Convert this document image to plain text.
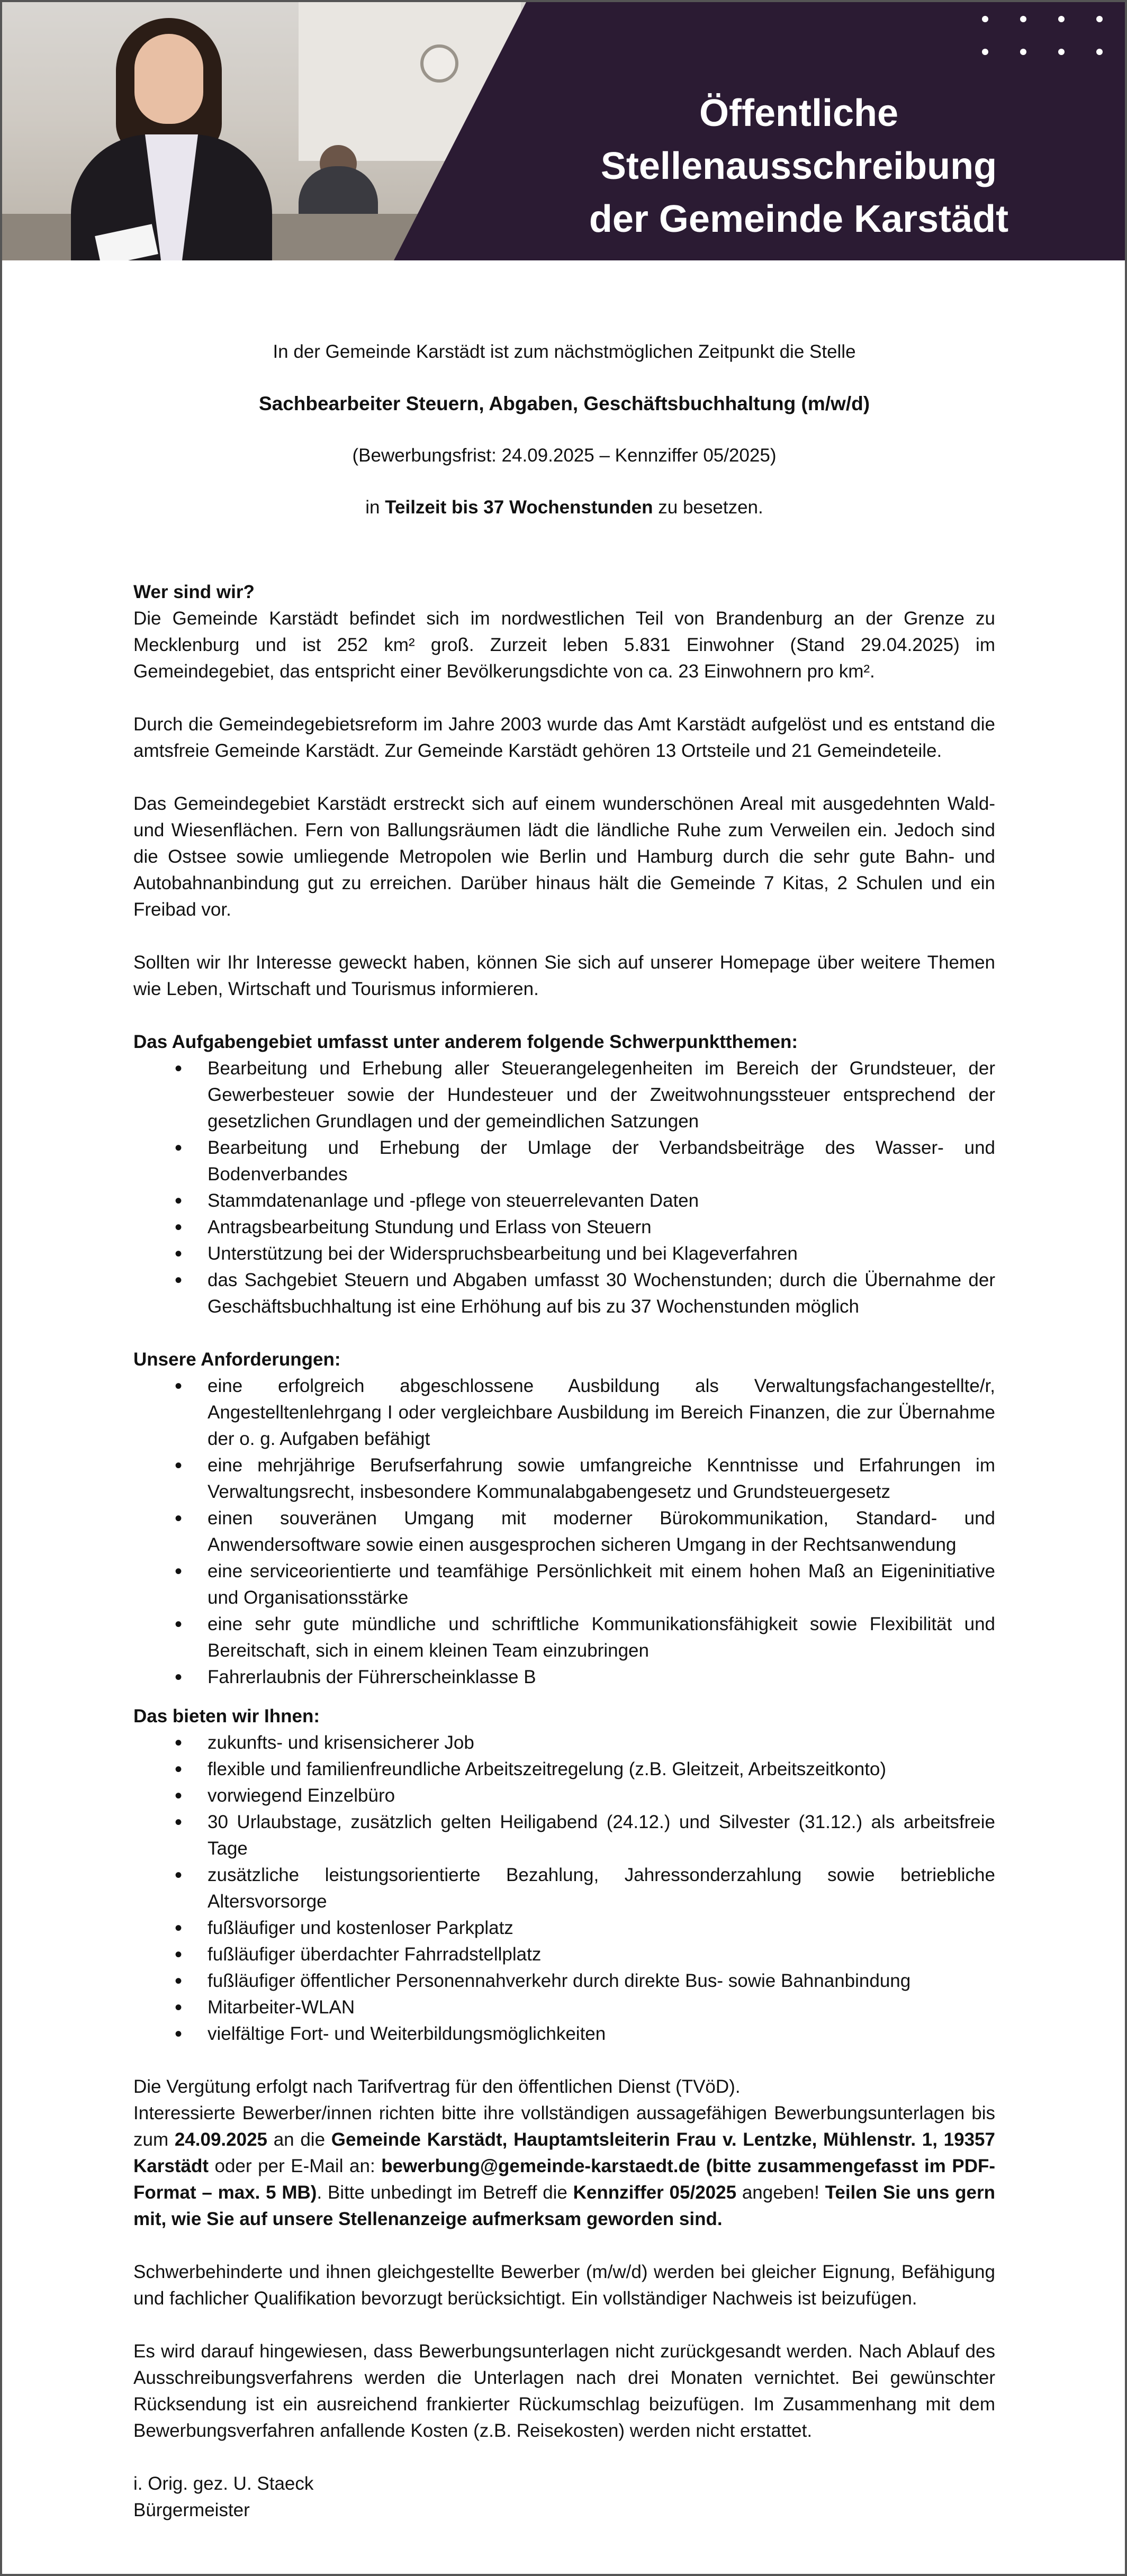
Öffentliche Stellenausschreibung
der Gemeinde Karstädt

In der Gemeinde Karstädt ist zum nächstmöglichen Zeitpunkt die Stelle

Sachbearbeiter Steuern, Abgaben, Geschäftsbuchhaltung (m/w/d)

(Bewerbungsfrist: 24.09.2025 – Kennziffer 05/2025)

in Teilzeit bis 37 Wochenstunden zu besetzen.

Wer sind wir?

Die Gemeinde Karstädt befindet sich im nordwestlichen Teil von Brandenburg an der Grenze zu Mecklenburg und ist 252 km² groß. Zurzeit leben 5.831 Einwohner (Stand 29.04.2025) im Gemeindegebiet, das entspricht einer Bevölkerungsdichte von ca. 23 Einwohnern pro km².

Durch die Gemeindegebietsreform im Jahre 2003 wurde das Amt Karstädt aufgelöst und es entstand die amtsfreie Gemeinde Karstädt. Zur Gemeinde Karstädt gehören 13 Ortsteile und 21 Gemeindeteile.

Das Gemeindegebiet Karstädt erstreckt sich auf einem wunderschönen Areal mit ausgedehnten Wald- und Wiesenflächen. Fern von Ballungsräumen lädt die ländliche Ruhe zum Verweilen ein. Jedoch sind die Ostsee sowie umliegende Metropolen wie Berlin und Hamburg durch die sehr gute Bahn- und Autobahnanbindung gut zu erreichen. Darüber hinaus hält die Gemeinde 7 Kitas, 2 Schulen und ein Freibad vor.

Sollten wir Ihr Interesse geweckt haben, können Sie sich auf unserer Homepage über weitere Themen wie Leben, Wirtschaft und Tourismus informieren.

Das Aufgabengebiet umfasst unter anderem folgende Schwerpunktthemen:

• Bearbeitung und Erhebung aller Steuerangelegenheiten im Bereich der Grundsteuer, der Gewerbesteuer sowie der Hundesteuer und der Zweitwohnungssteuer entsprechend der gesetzlichen Grundlagen und der gemeindlichen Satzungen
• Bearbeitung und Erhebung der Umlage der Verbandsbeiträge des Wasser- und Bodenverbandes
• Stammdatenanlage und -pflege von steuerrelevanten Daten
• Antragsbearbeitung Stundung und Erlass von Steuern
• Unterstützung bei der Widerspruchsbearbeitung und bei Klageverfahren
• das Sachgebiet Steuern und Abgaben umfasst 30 Wochenstunden; durch die Übernahme der Geschäftsbuchhaltung ist eine Erhöhung auf bis zu 37 Wochenstunden möglich

Unsere Anforderungen:

• eine erfolgreich abgeschlossene Ausbildung als Verwaltungsfachangestellte/r, Angestelltenlehrgang I oder vergleichbare Ausbildung im Bereich Finanzen, die zur Übernahme der o. g. Aufgaben befähigt
• eine mehrjährige Berufserfahrung sowie umfangreiche Kenntnisse und Erfahrungen im Verwaltungsrecht, insbesondere Kommunalabgabengesetz und Grundsteuergesetz
• einen souveränen Umgang mit moderner Bürokommunikation, Standard- und Anwendersoftware sowie einen ausgesprochen sicheren Umgang in der Rechtsanwendung
• eine serviceorientierte und teamfähige Persönlichkeit mit einem hohen Maß an Eigeninitiative und Organisationsstärke
• eine sehr gute mündliche und schriftliche Kommunikationsfähigkeit sowie Flexibilität und Bereitschaft, sich in einem kleinen Team einzubringen
• Fahrerlaubnis der Führerscheinklasse B

Das bieten wir Ihnen:

• zukunfts- und krisensicherer Job
• flexible und familienfreundliche Arbeitszeitregelung (z.B. Gleitzeit, Arbeitszeitkonto)
• vorwiegend Einzelbüro
• 30 Urlaubstage, zusätzlich gelten Heiligabend (24.12.) und Silvester (31.12.) als arbeitsfreie Tage
• zusätzliche leistungsorientierte Bezahlung, Jahressonderzahlung sowie betriebliche Altersvorsorge
• fußläufiger und kostenloser Parkplatz
• fußläufiger überdachter Fahrradstellplatz
• fußläufiger öffentlicher Personennahverkehr durch direkte Bus- sowie Bahnanbindung
• Mitarbeiter-WLAN
• vielfältige Fort- und Weiterbildungsmöglichkeiten

Die Vergütung erfolgt nach Tarifvertrag für den öffentlichen Dienst (TVöD).

Interessierte Bewerber/innen richten bitte ihre vollständigen aussagefähigen Bewerbungsunterlagen bis zum 24.09.2025 an die Gemeinde Karstädt, Hauptamtsleiterin Frau v. Lentzke, Mühlenstr. 1, 19357 Karstädt oder per E-Mail an: bewerbung@gemeinde-karstaedt.de (bitte zusammengefasst im PDF-Format – max. 5 MB). Bitte unbedingt im Betreff die Kennziffer 05/2025 angeben! Teilen Sie uns gern mit, wie Sie auf unsere Stellenanzeige aufmerksam geworden sind.

Schwerbehinderte und ihnen gleichgestellte Bewerber (m/w/d) werden bei gleicher Eignung, Befähigung und fachlicher Qualifikation bevorzugt berücksichtigt. Ein vollständiger Nachweis ist beizufügen.

Es wird darauf hingewiesen, dass Bewerbungsunterlagen nicht zurückgesandt werden. Nach Ablauf des Ausschreibungsverfahrens werden die Unterlagen nach drei Monaten vernichtet. Bei gewünschter Rücksendung ist ein ausreichend frankierter Rückumschlag beizufügen. Im Zusammenhang mit dem Bewerbungsverfahren anfallende Kosten (z.B. Reisekosten) werden nicht erstattet.

i. Orig. gez. U. Staeck

Bürgermeister
